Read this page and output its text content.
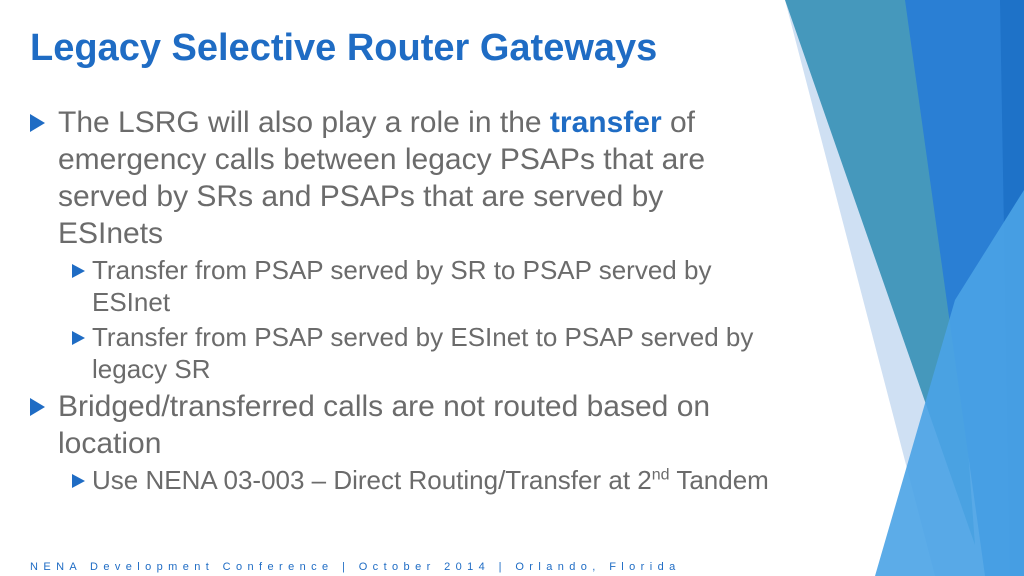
Legacy Selective Router Gateways
The LSRG will also play a role in the transfer of emergency calls between legacy PSAPs that are served by SRs and PSAPs that are served by ESInets
Transfer from PSAP served by SR to PSAP served by ESInet
Transfer from PSAP served by ESInet to PSAP served by legacy SR
Bridged/transferred calls are not routed based on location
Use NENA 03-003 – Direct Routing/Transfer at 2nd Tandem
NENA Development Conference | October 2014 | Orlando, Florida
